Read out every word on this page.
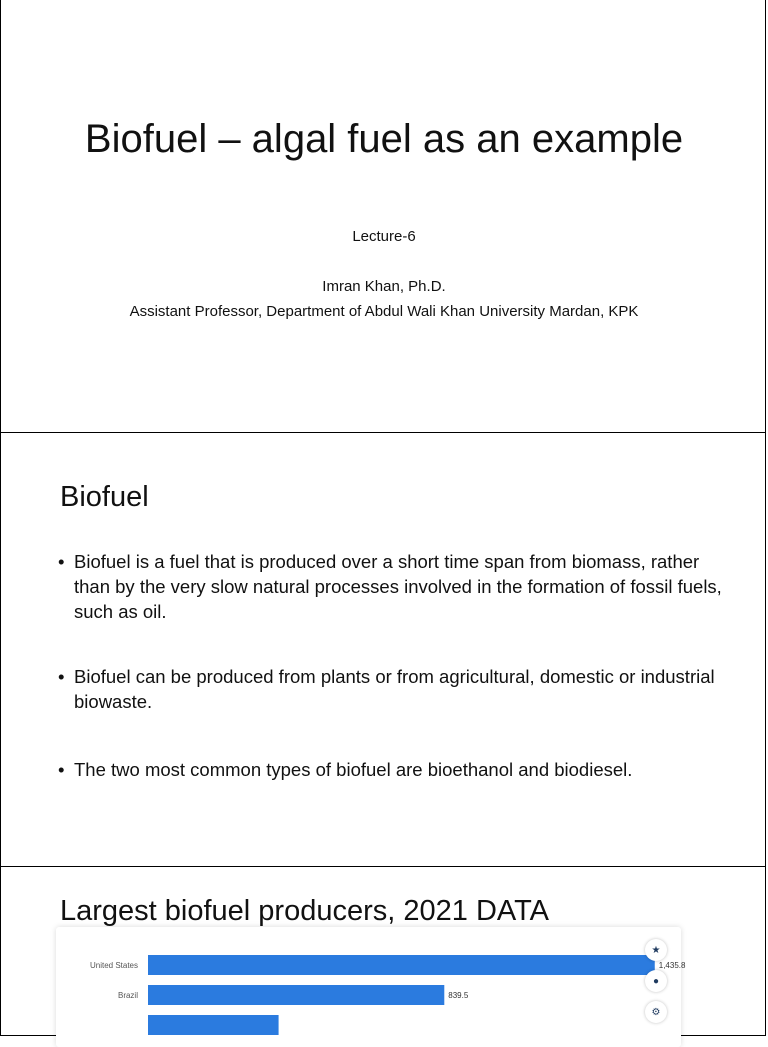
Biofuel – algal fuel as an example
Lecture-6
Imran Khan, Ph.D.
Assistant Professor, Department of Abdul Wali Khan University Mardan, KPK
Biofuel
• Biofuel is a fuel that is produced over a short time span from biomass, rather than by the very slow natural processes involved in the formation of fossil fuels, such as oil.
• Biofuel can be produced from plants or from agricultural, domestic or industrial biowaste.
• The two most common types of biofuel are bioethanol and biodiesel.
Largest biofuel producers, 2021 DATA
United States	1,435.8
Brazil	839.5
★
●
⚙
